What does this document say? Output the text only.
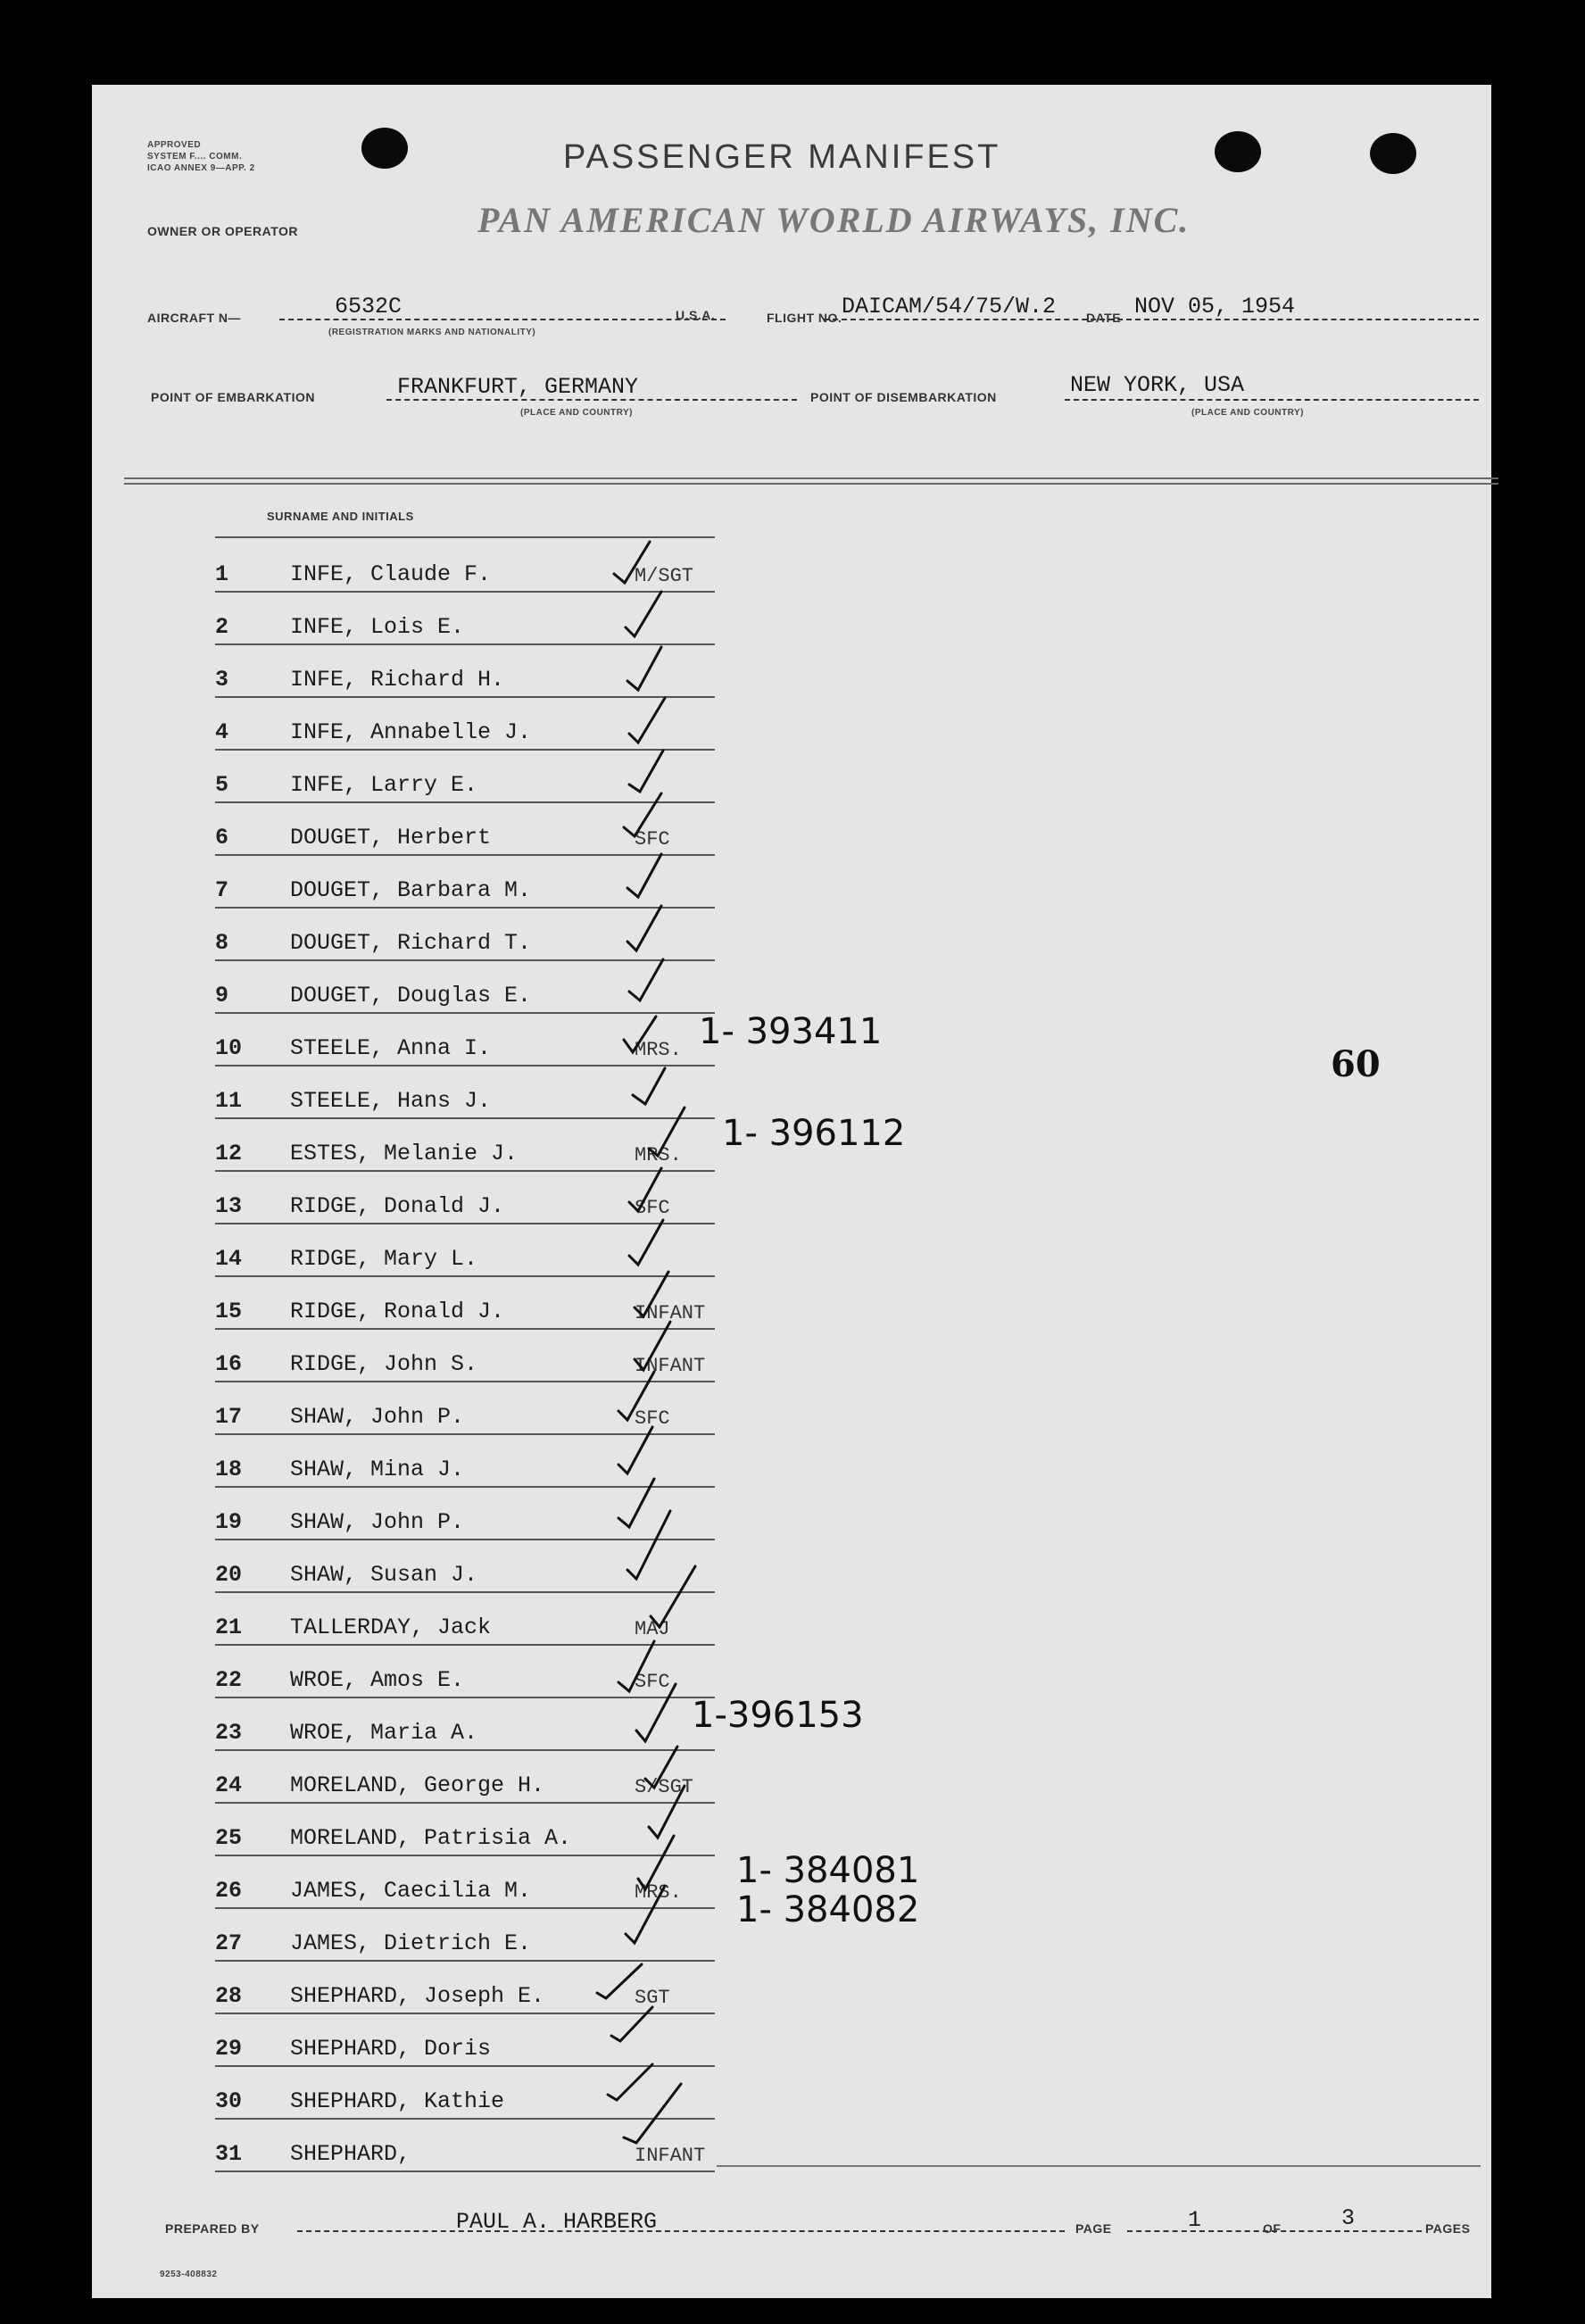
APPROVED
SYSTEM F.... COMM.
ICAO ANNEX 9—APP. 2	PASSENGER MANIFEST
OWNER OR OPERATOR	PAN AMERICAN WORLD AIRWAYS, INC.
AIRCRAFT N—	6532C
(REGISTRATION MARKS AND NATIONALITY)
U.S.A.	FLIGHT NO. DAICAM/54/75/W.2 DATE NOV 05, 1954
POINT OF EMBARKATION	FRANKFURT, GERMANY
(PLACE AND COUNTRY)
POINT OF DISEMBARKATION	NEW YORK, USA
(PLACE AND COUNTRY)
SURNAME AND INITIALS
1	INFE, Claude F.	M/SGT
2	INFE, Lois E.
3	INFE, Richard H.
4	INFE, Annabelle J.
5	INFE, Larry E.
6	DOUGET, Herbert	SFC
7	DOUGET, Barbara M.
8	DOUGET, Richard T.
9	DOUGET, Douglas E.
10	STEELE, Anna I.	MRS.
11	STEELE, Hans J.
12	ESTES, Melanie J.	MRS.
13	RIDGE, Donald J.	SFC
14	RIDGE, Mary L.
15	RIDGE, Ronald J.	INFANT
16	RIDGE, John S.	INFANT
17	SHAW, John P.	SFC
18	SHAW, Mina J.
19	SHAW, John P.
20	SHAW, Susan J.
21	TALLERDAY, Jack	MAJ
22	WROE, Amos E.	SFC
23	WROE, Maria A.
24	MORELAND, George H.	S/SGT
25	MORELAND, Patrisia A.
26	JAMES, Caecilia M.	MRS.
27	JAMES, Dietrich E.
28	SHEPHARD, Joseph E.	SGT
29	SHEPHARD, Doris
30	SHEPHARD, Kathie
31	SHEPHARD,	INFANT
1- 393411
1- 396112
1-396153
1- 384081
1- 384082
60
PREPARED BY	PAUL A. HARBERG	PAGE	1	OF	3	PAGES
9253-408832
